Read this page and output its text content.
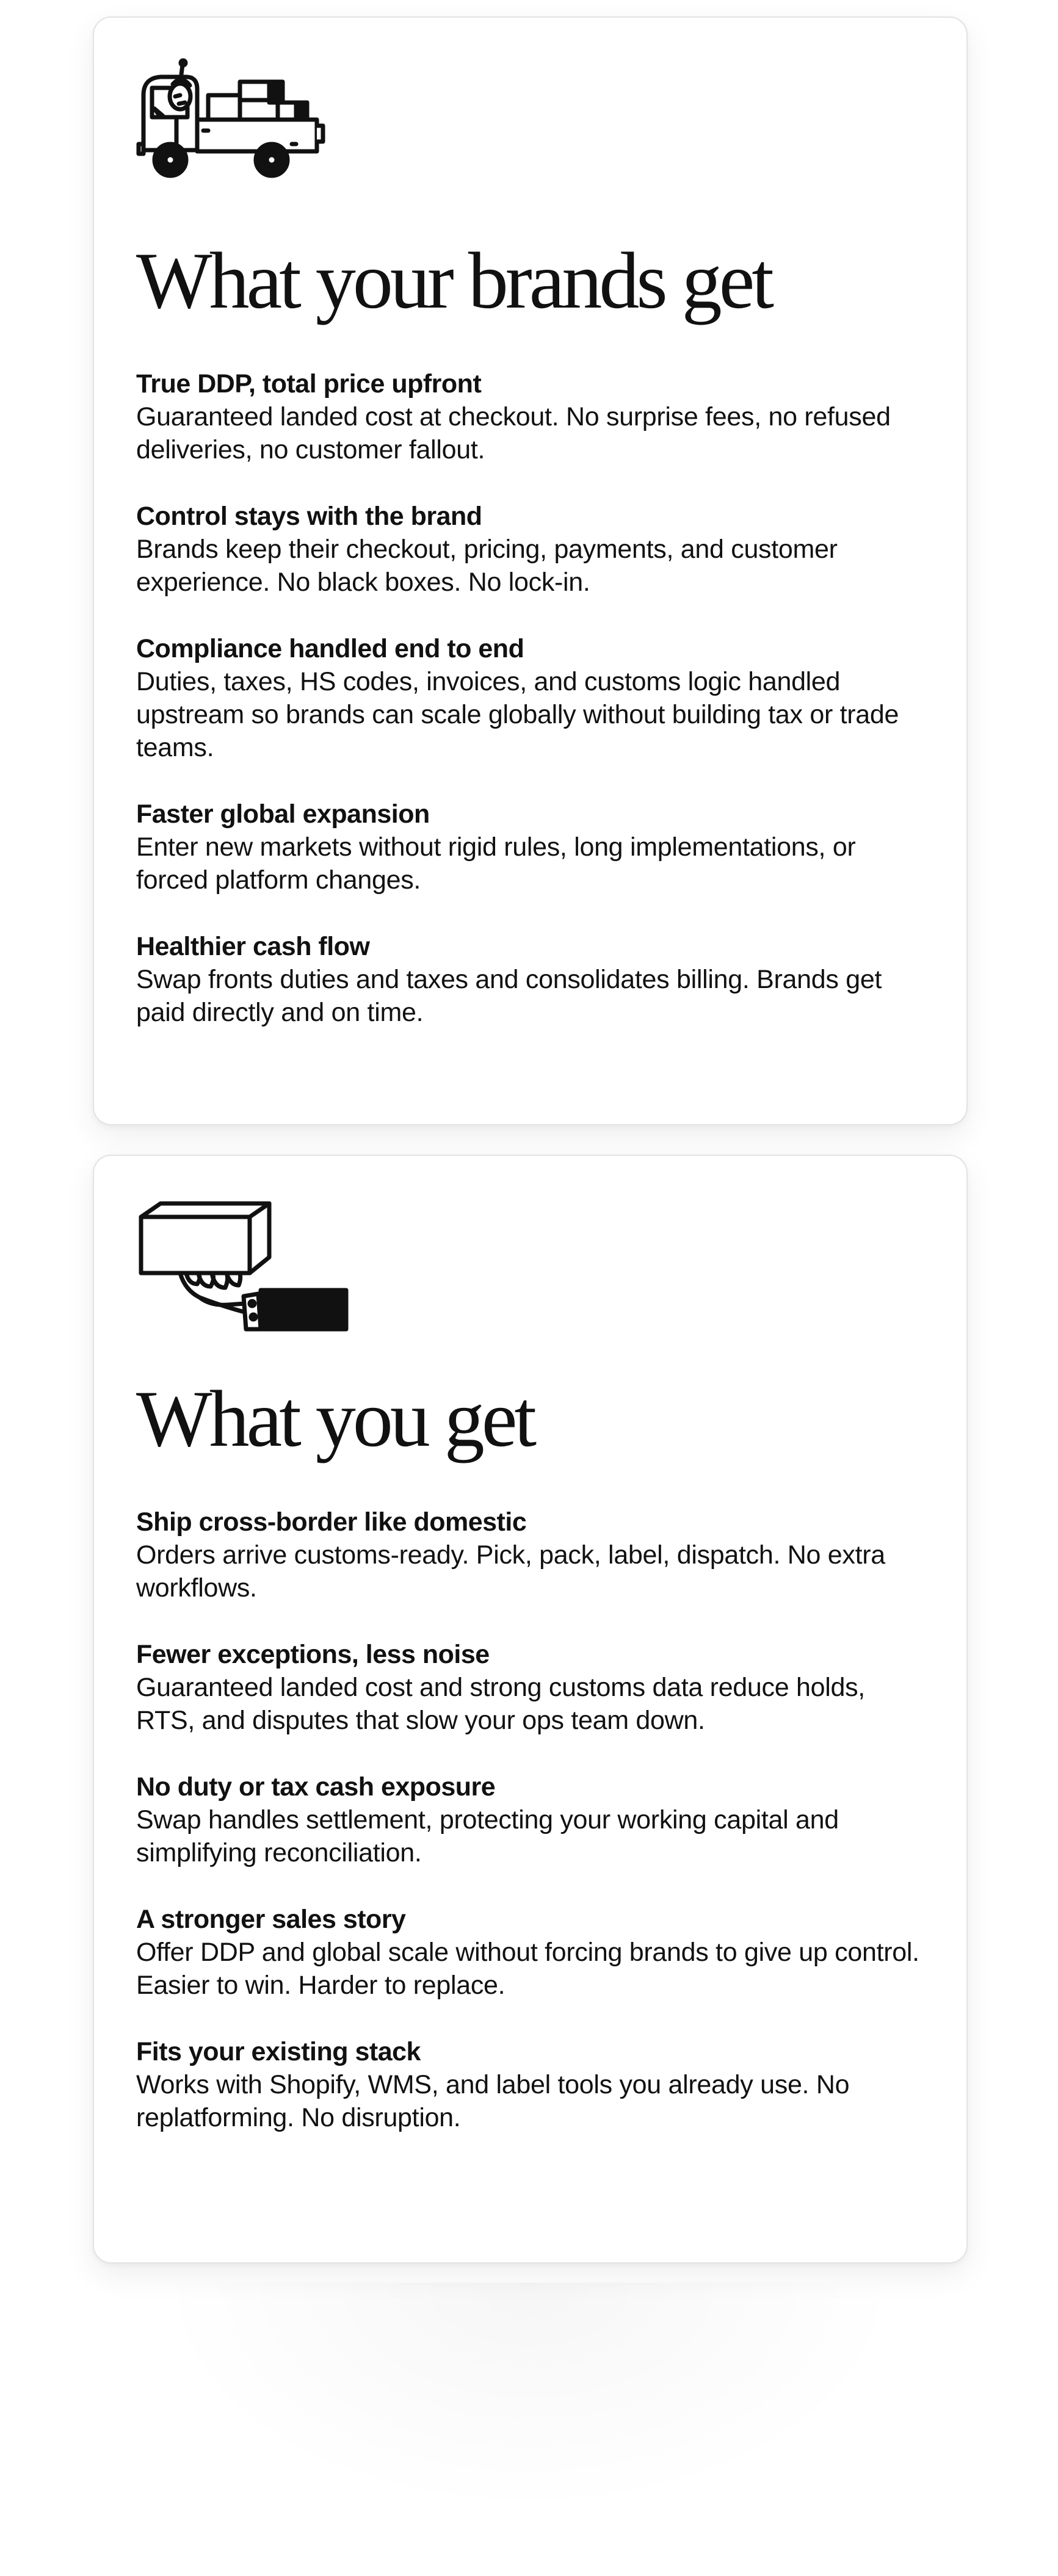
What your brands get
True DDP, total price upfront
Guaranteed landed cost at checkout. No surprise fees, no refused deliveries, no customer fallout.
Control stays with the brand
Brands keep their checkout, pricing, payments, and customer experience. No black boxes. No lock-in.
Compliance handled end to end
Duties, taxes, HS codes, invoices, and customs logic handled upstream so brands can scale globally without building tax or trade teams.
Faster global expansion
Enter new markets without rigid rules, long implementations, or forced platform changes.
Healthier cash flow
Swap fronts duties and taxes and consolidates billing. Brands get paid directly and on time.
What you get
Ship cross-border like domestic
Orders arrive customs-ready. Pick, pack, label, dispatch. No extra workflows.
Fewer exceptions, less noise
Guaranteed landed cost and strong customs data reduce holds, RTS, and disputes that slow your ops team down.
No duty or tax cash exposure
Swap handles settlement, protecting your working capital and simplifying reconciliation.
A stronger sales story
Offer DDP and global scale without forcing brands to give up control. Easier to win. Harder to replace.
Fits your existing stack
Works with Shopify, WMS, and label tools you already use. No replatforming. No disruption.
